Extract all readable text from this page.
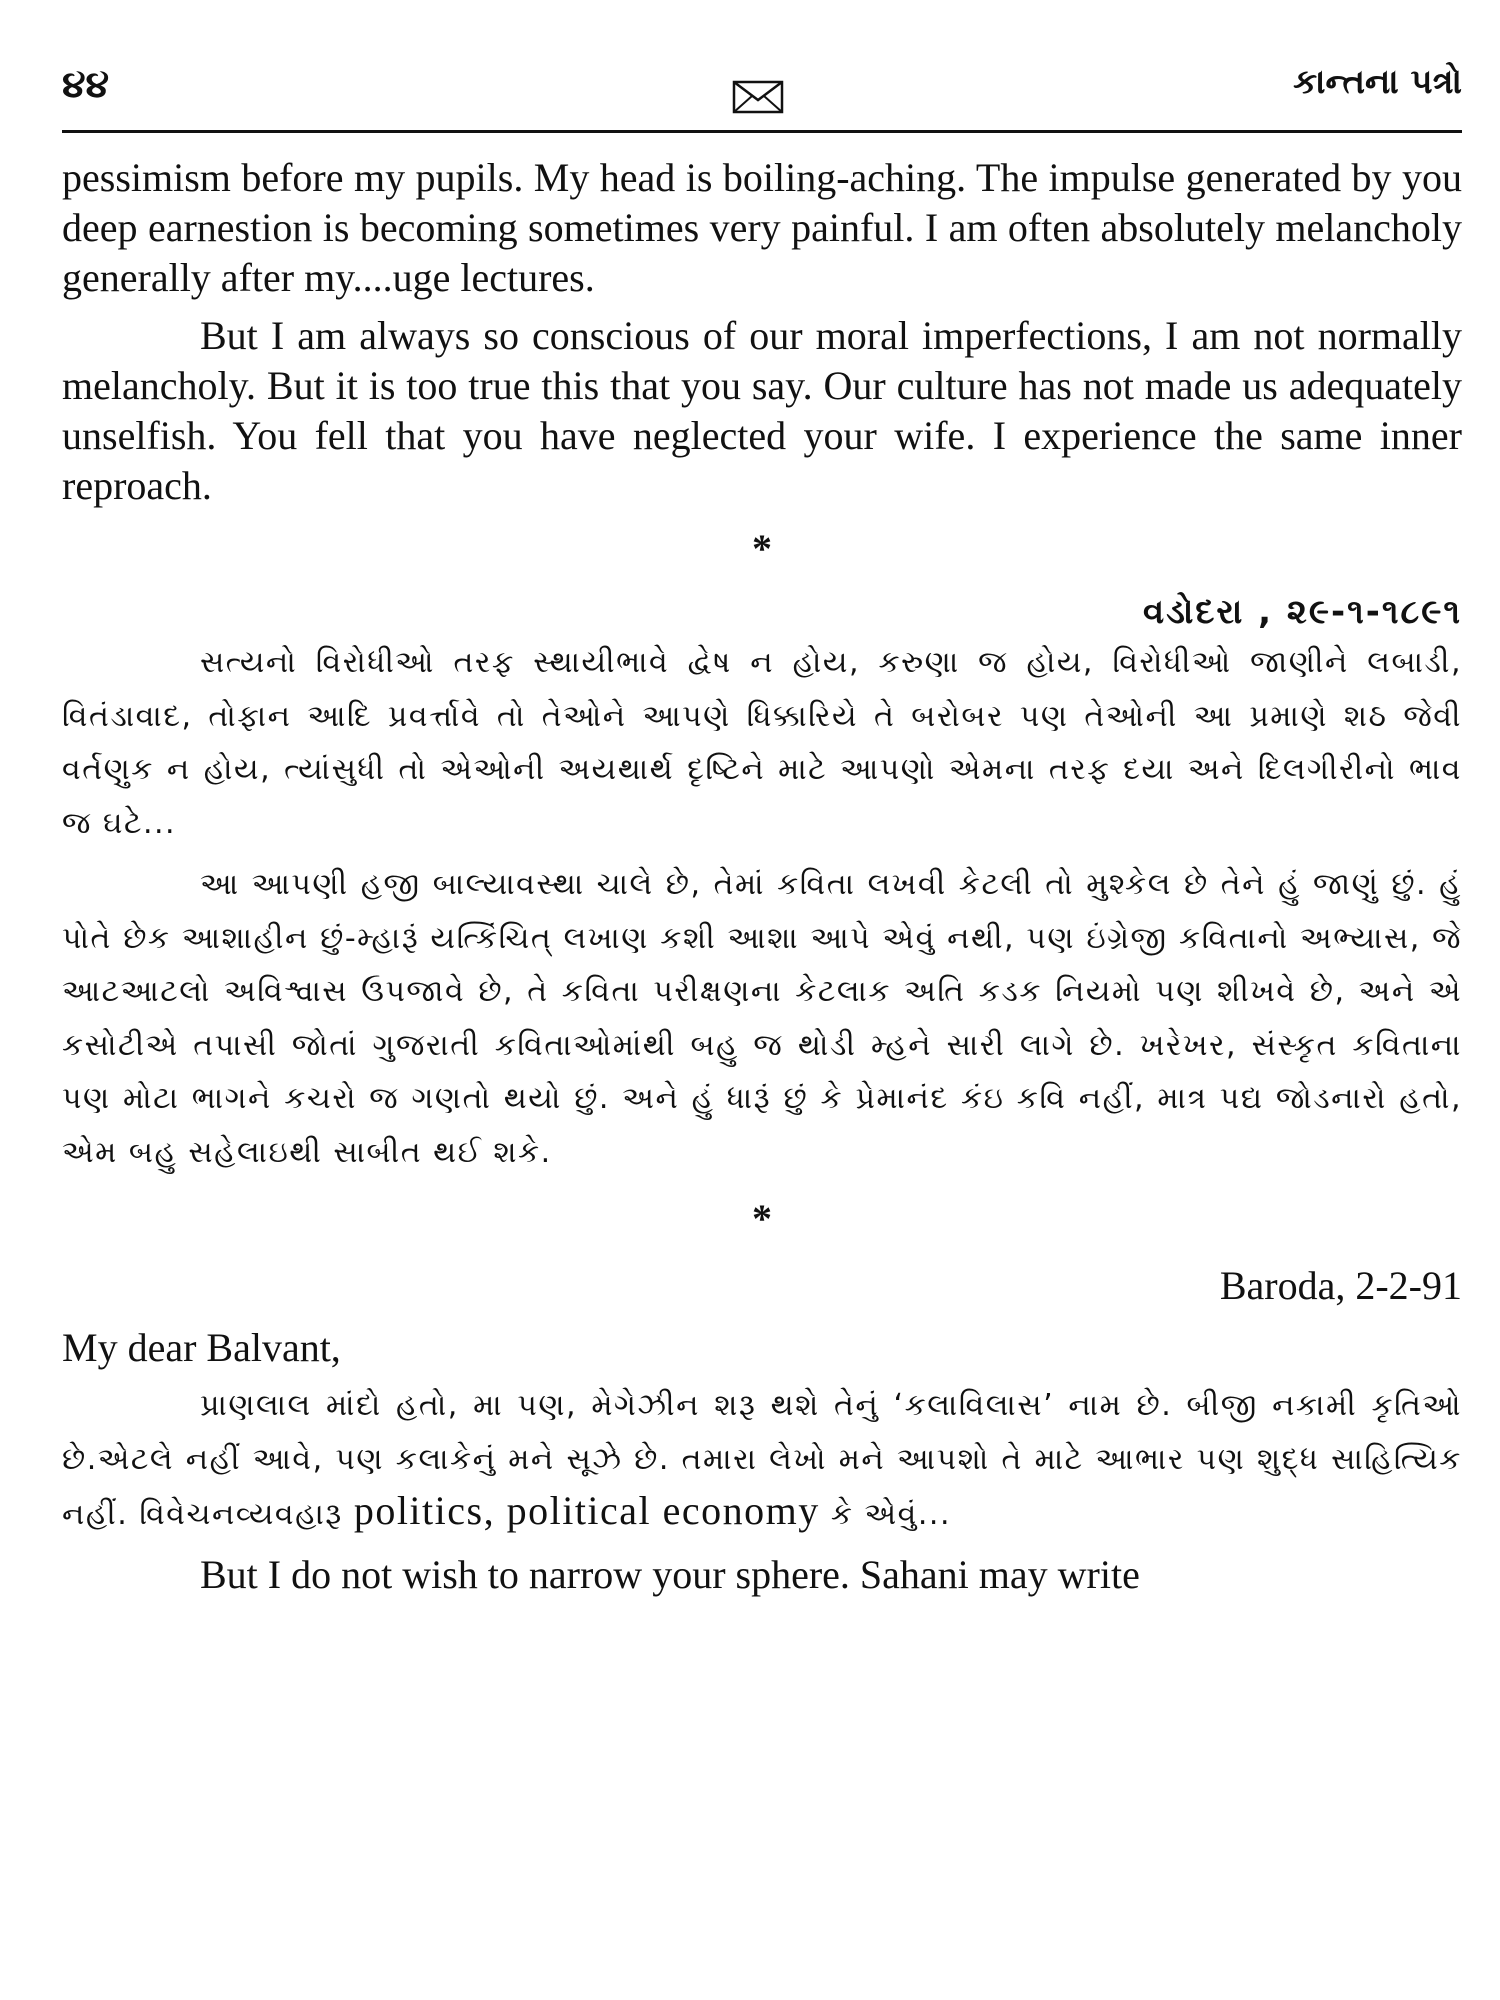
૪૪	કાન્તના પત્રો

pessimism before my pupils. My head is boiling-aching. The impulse generated by you deep earnestion is becoming sometimes very painful. I am often absolutely melancholy generally after my....uge lectures.

But I am always so conscious of our moral imperfections, I am not normally melancholy. But it is too true this that you say. Our culture has not made us adequately unselfish. You fell that you have neglected your wife. I experience the same inner reproach.

*

વડોદરા , ૨૯-૧-૧૮૯૧

સત્યનો વિરોધીઓ તરફ સ્થાયીભાવે દ્વેષ ન હોય, કરુણા જ હોય, વિરોધીઓ જાણીને લબાડી, વિતંડાવાદ, તોફાન આદિ પ્રવર્ત્તાવે તો તેઓને આપણે ધિક્કારિયે તે બરોબર પણ તેઓની આ પ્રમાણે શઠ જેવી વર્તણુક ન હોય, ત્યાંસુધી તો એઓની અયથાર્થ દૃષ્ટિને માટે આપણો એમના તરફ દયા અને દિલગીરીનો ભાવ જ ઘટે...

આ આપણી હજી બાલ્યાવસ્થા ચાલે છે, તેમાં કવિતા લખવી કેટલી તો મુશ્કેલ છે તેને હું જાણું છું. હું પોતે છેક આશાહીન છું-મ્હારૂં યત્કિંચિત્ લખાણ કશી આશા આપે એવું નથી, પણ ઇંગ્રેજી કવિતાનો અભ્યાસ, જે આટઆટલો અવિશ્વાસ ઉપજાવે છે, તે કવિતા પરીક્ષણના કેટલાક અતિ કડક નિયમો પણ શીખવે છે, અને એ કસોટીએ તપાસી જોતાં ગુજરાતી કવિતાઓમાંથી બહુ જ થોડી મ્હને સારી લાગે છે. ખરેખર, સંસ્કૃત કવિતાના પણ મોટા ભાગને કચરો જ ગણતો થયો છું. અને હું ધારૂં છું કે પ્રેમાનંદ કંઇ કવિ નહીં, માત્ર પદ્ય જોડનારો હતો, એમ બહુ સહેલાઇથી સાબીત થઈ શકે.

*

Baroda, 2-2-91

My dear Balvant,

પ્રાણલાલ માંદો હતો, મા પણ, મેગેઝીન શરૂ થશે તેનું ‘કલાવિલાસ’ નામ છે. બીજી નકામી કૃતિઓ છે.એટલે નહીં આવે, પણ કલાકેનું મને સૂઝે છે. તમારા લેખો મને આપશો તે માટે આભાર પણ શુદ્ધ સાહિત્યિક નહીં. વિવેચનવ્યવહારૂ politics, political economy કે એવું...

But I do not wish to narrow your sphere. Sahani may write
